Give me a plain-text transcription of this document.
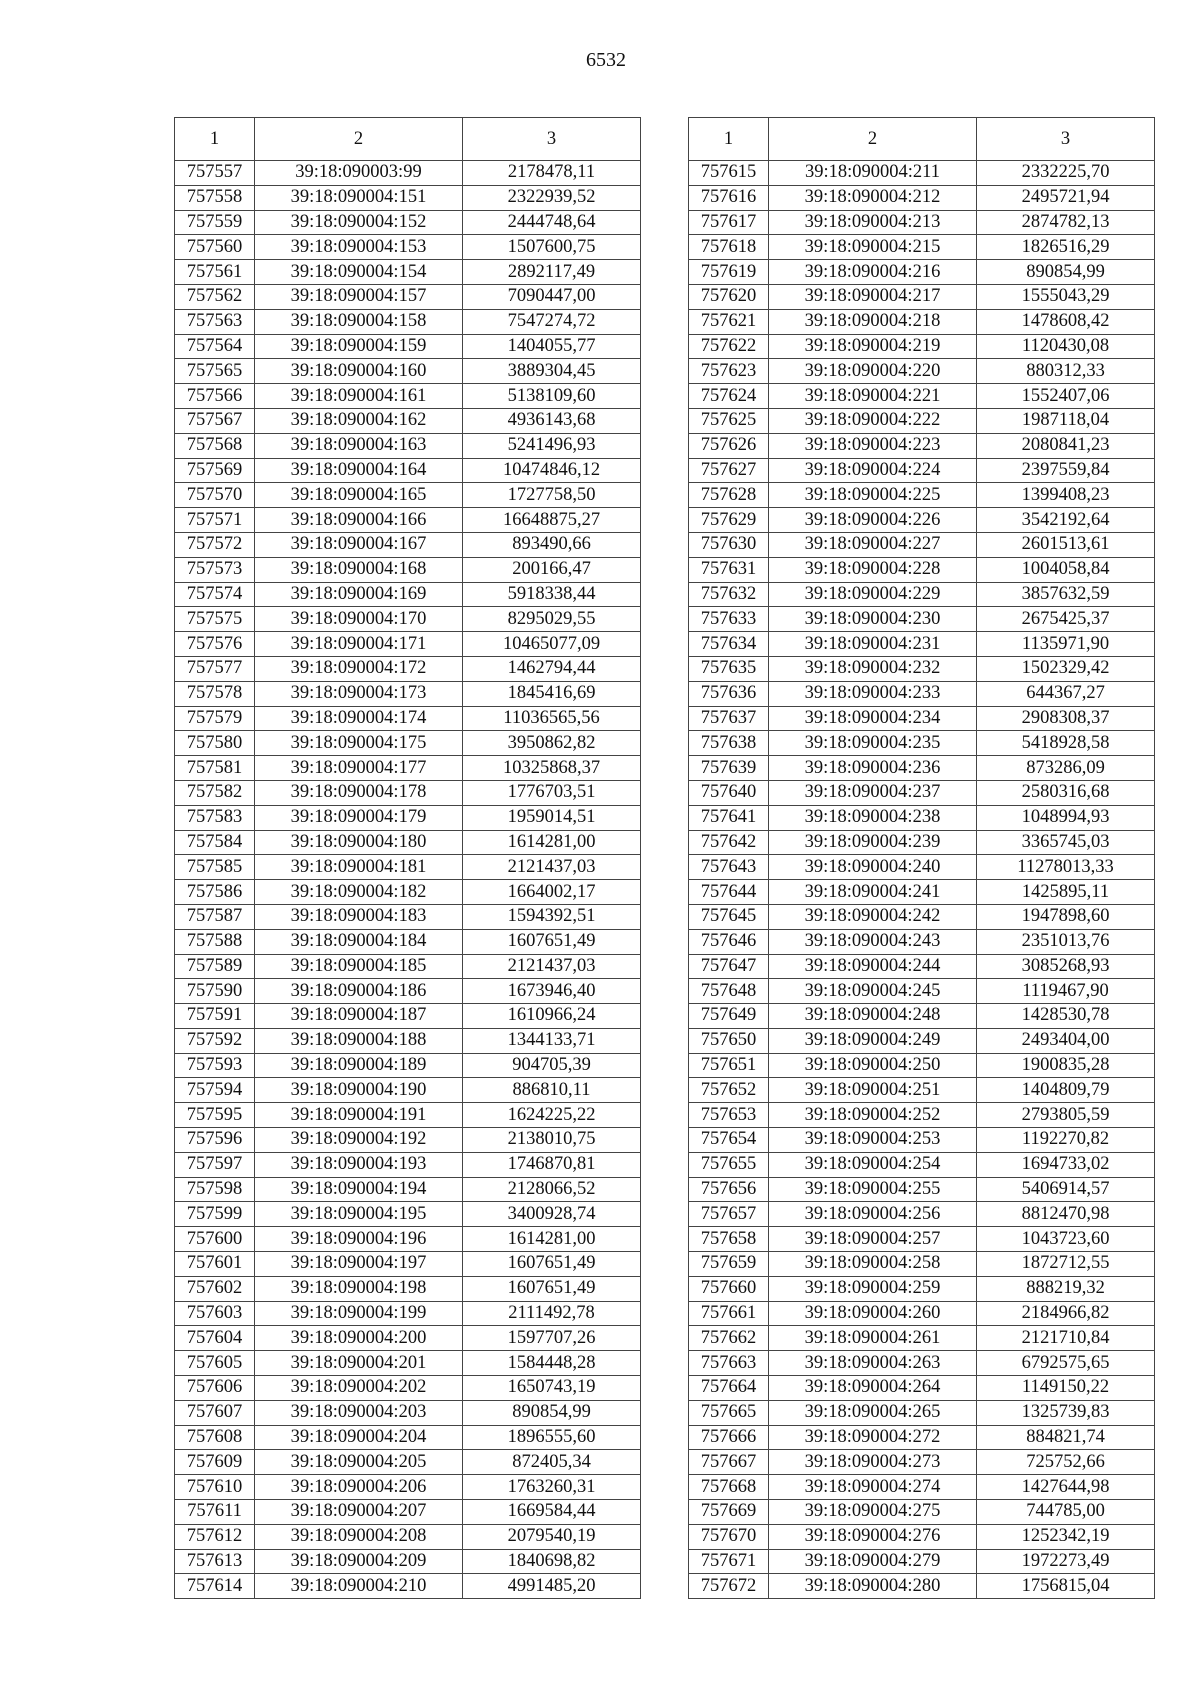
6532
1	2	3
757557	39:18:090003:99	2178478,11
757558	39:18:090004:151	2322939,52
757559	39:18:090004:152	2444748,64
757560	39:18:090004:153	1507600,75
757561	39:18:090004:154	2892117,49
757562	39:18:090004:157	7090447,00
757563	39:18:090004:158	7547274,72
757564	39:18:090004:159	1404055,77
757565	39:18:090004:160	3889304,45
757566	39:18:090004:161	5138109,60
757567	39:18:090004:162	4936143,68
757568	39:18:090004:163	5241496,93
757569	39:18:090004:164	10474846,12
757570	39:18:090004:165	1727758,50
757571	39:18:090004:166	16648875,27
757572	39:18:090004:167	893490,66
757573	39:18:090004:168	200166,47
757574	39:18:090004:169	5918338,44
757575	39:18:090004:170	8295029,55
757576	39:18:090004:171	10465077,09
757577	39:18:090004:172	1462794,44
757578	39:18:090004:173	1845416,69
757579	39:18:090004:174	11036565,56
757580	39:18:090004:175	3950862,82
757581	39:18:090004:177	10325868,37
757582	39:18:090004:178	1776703,51
757583	39:18:090004:179	1959014,51
757584	39:18:090004:180	1614281,00
757585	39:18:090004:181	2121437,03
757586	39:18:090004:182	1664002,17
757587	39:18:090004:183	1594392,51
757588	39:18:090004:184	1607651,49
757589	39:18:090004:185	2121437,03
757590	39:18:090004:186	1673946,40
757591	39:18:090004:187	1610966,24
757592	39:18:090004:188	1344133,71
757593	39:18:090004:189	904705,39
757594	39:18:090004:190	886810,11
757595	39:18:090004:191	1624225,22
757596	39:18:090004:192	2138010,75
757597	39:18:090004:193	1746870,81
757598	39:18:090004:194	2128066,52
757599	39:18:090004:195	3400928,74
757600	39:18:090004:196	1614281,00
757601	39:18:090004:197	1607651,49
757602	39:18:090004:198	1607651,49
757603	39:18:090004:199	2111492,78
757604	39:18:090004:200	1597707,26
757605	39:18:090004:201	1584448,28
757606	39:18:090004:202	1650743,19
757607	39:18:090004:203	890854,99
757608	39:18:090004:204	1896555,60
757609	39:18:090004:205	872405,34
757610	39:18:090004:206	1763260,31
757611	39:18:090004:207	1669584,44
757612	39:18:090004:208	2079540,19
757613	39:18:090004:209	1840698,82
757614	39:18:090004:210	4991485,20
1	2	3
757615	39:18:090004:211	2332225,70
757616	39:18:090004:212	2495721,94
757617	39:18:090004:213	2874782,13
757618	39:18:090004:215	1826516,29
757619	39:18:090004:216	890854,99
757620	39:18:090004:217	1555043,29
757621	39:18:090004:218	1478608,42
757622	39:18:090004:219	1120430,08
757623	39:18:090004:220	880312,33
757624	39:18:090004:221	1552407,06
757625	39:18:090004:222	1987118,04
757626	39:18:090004:223	2080841,23
757627	39:18:090004:224	2397559,84
757628	39:18:090004:225	1399408,23
757629	39:18:090004:226	3542192,64
757630	39:18:090004:227	2601513,61
757631	39:18:090004:228	1004058,84
757632	39:18:090004:229	3857632,59
757633	39:18:090004:230	2675425,37
757634	39:18:090004:231	1135971,90
757635	39:18:090004:232	1502329,42
757636	39:18:090004:233	644367,27
757637	39:18:090004:234	2908308,37
757638	39:18:090004:235	5418928,58
757639	39:18:090004:236	873286,09
757640	39:18:090004:237	2580316,68
757641	39:18:090004:238	1048994,93
757642	39:18:090004:239	3365745,03
757643	39:18:090004:240	11278013,33
757644	39:18:090004:241	1425895,11
757645	39:18:090004:242	1947898,60
757646	39:18:090004:243	2351013,76
757647	39:18:090004:244	3085268,93
757648	39:18:090004:245	1119467,90
757649	39:18:090004:248	1428530,78
757650	39:18:090004:249	2493404,00
757651	39:18:090004:250	1900835,28
757652	39:18:090004:251	1404809,79
757653	39:18:090004:252	2793805,59
757654	39:18:090004:253	1192270,82
757655	39:18:090004:254	1694733,02
757656	39:18:090004:255	5406914,57
757657	39:18:090004:256	8812470,98
757658	39:18:090004:257	1043723,60
757659	39:18:090004:258	1872712,55
757660	39:18:090004:259	888219,32
757661	39:18:090004:260	2184966,82
757662	39:18:090004:261	2121710,84
757663	39:18:090004:263	6792575,65
757664	39:18:090004:264	1149150,22
757665	39:18:090004:265	1325739,83
757666	39:18:090004:272	884821,74
757667	39:18:090004:273	725752,66
757668	39:18:090004:274	1427644,98
757669	39:18:090004:275	744785,00
757670	39:18:090004:276	1252342,19
757671	39:18:090004:279	1972273,49
757672	39:18:090004:280	1756815,04
